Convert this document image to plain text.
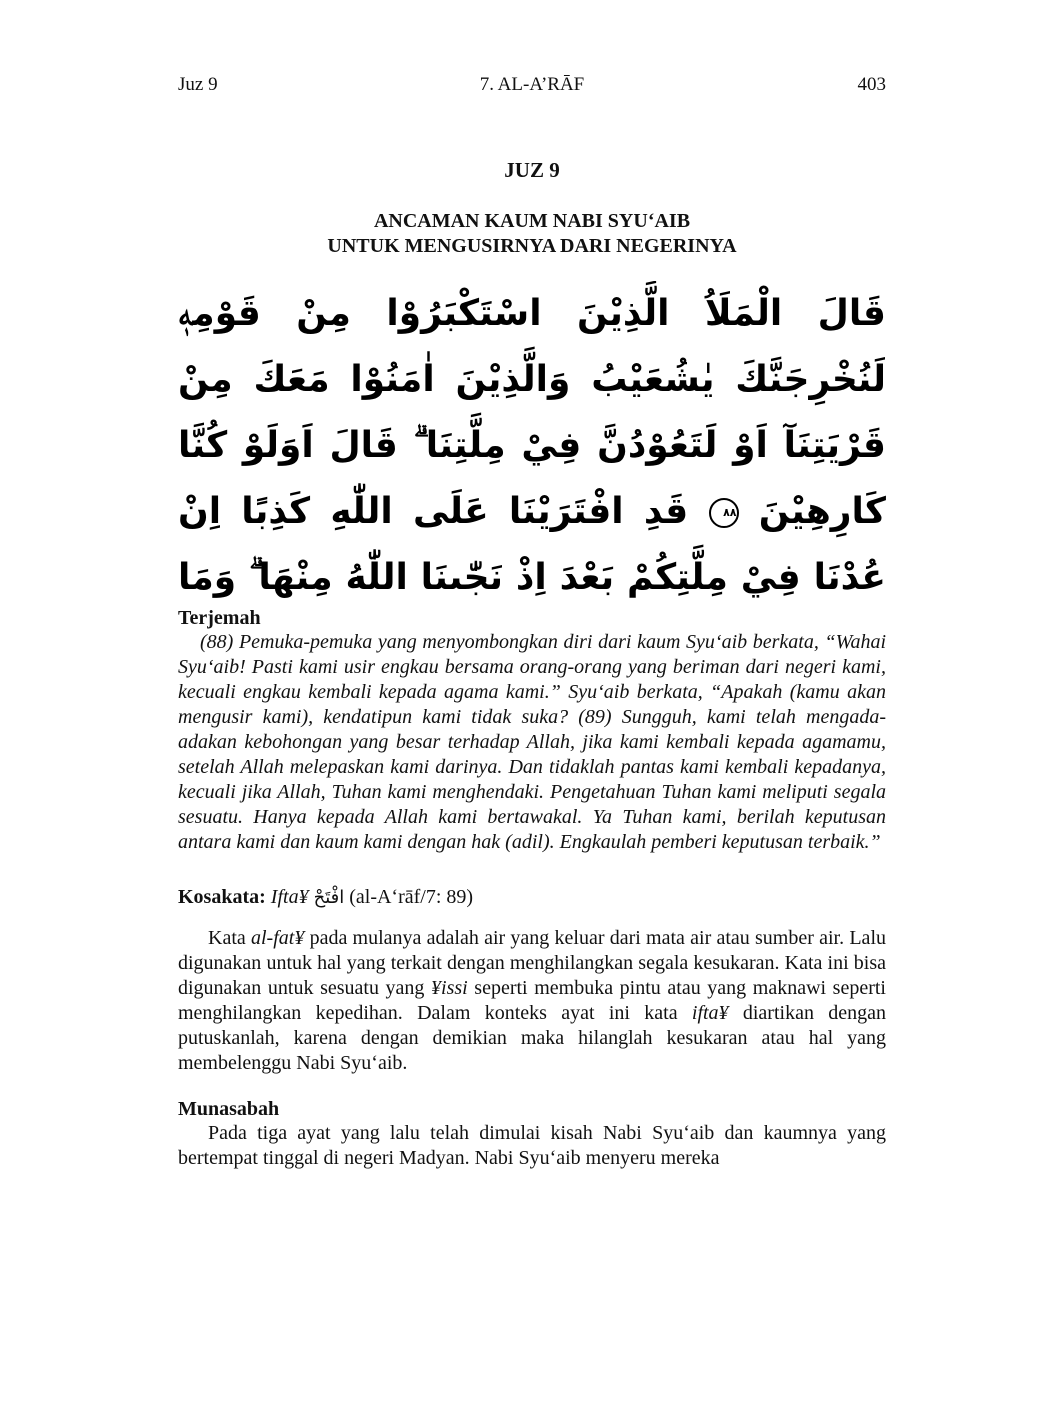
Juz 9	7. AL-A’RĀF	403
JUZ 9
ANCAMAN KAUM NABI SYU‘AIB
UNTUK MENGUSIRNYA DARI NEGERINYA
قَالَ الْمَلَاُ الَّذِيْنَ اسْتَكْبَرُوْا مِنْ قَوْمِهٖ لَنُخْرِجَنَّكَ يٰشُعَيْبُ وَالَّذِيْنَ اٰمَنُوْا مَعَكَ مِنْ قَرْيَتِنَآ اَوْ لَتَعُوْدُنَّ فِيْ مِلَّتِنَا ۗ قَالَ اَوَلَوْ كُنَّا كَارِهِيْنَ ٨٨ قَدِ افْتَرَيْنَا عَلَى اللّٰهِ كَذِبًا اِنْ عُدْنَا فِيْ مِلَّتِكُمْ بَعْدَ اِذْ نَجّٰىنَا اللّٰهُ مِنْهَا ۗ وَمَا
Terjemah

(88) Pemuka-pemuka yang menyombongkan diri dari kaum Syu‘aib berkata, “Wahai Syu‘aib! Pasti kami usir engkau bersama orang-orang yang beriman dari negeri kami, kecuali engkau kembali kepada agama kami.” Syu‘aib berkata, “Apakah (kamu akan mengusir kami), kendatipun kami tidak suka? (89) Sungguh, kami telah mengada-adakan kebohongan yang besar terhadap Allah, jika kami kembali kepada agamamu, setelah Allah melepaskan kami darinya. Dan tidaklah pantas kami kembali kepadanya, kecuali jika Allah, Tuhan kami menghendaki. Pengetahuan Tuhan kami meliputi segala sesuatu. Hanya kepada Allah kami bertawakal. Ya Tuhan kami, berilah keputusan antara kami dan kaum kami dengan hak (adil). Engkaulah pemberi keputusan terbaik.”

Kosakata: Ifta¥ افْتَحْ (al-A‘rāf/7: 89)

Kata al-fat¥ pada mulanya adalah air yang keluar dari mata air atau sumber air. Lalu digunakan untuk hal yang terkait dengan menghilangkan segala kesukaran. Kata ini bisa digunakan untuk sesuatu yang ¥issi seperti membuka pintu atau yang maknawi seperti menghilangkan kepedihan. Dalam konteks ayat ini kata ifta¥ diartikan dengan putuskanlah, karena dengan demikian maka hilanglah kesukaran atau hal yang membelenggu Nabi Syu‘aib.

Munasabah

Pada tiga ayat yang lalu telah dimulai kisah Nabi Syu‘aib dan kaumnya yang bertempat tinggal di negeri Madyan. Nabi Syu‘aib menyeru mereka
